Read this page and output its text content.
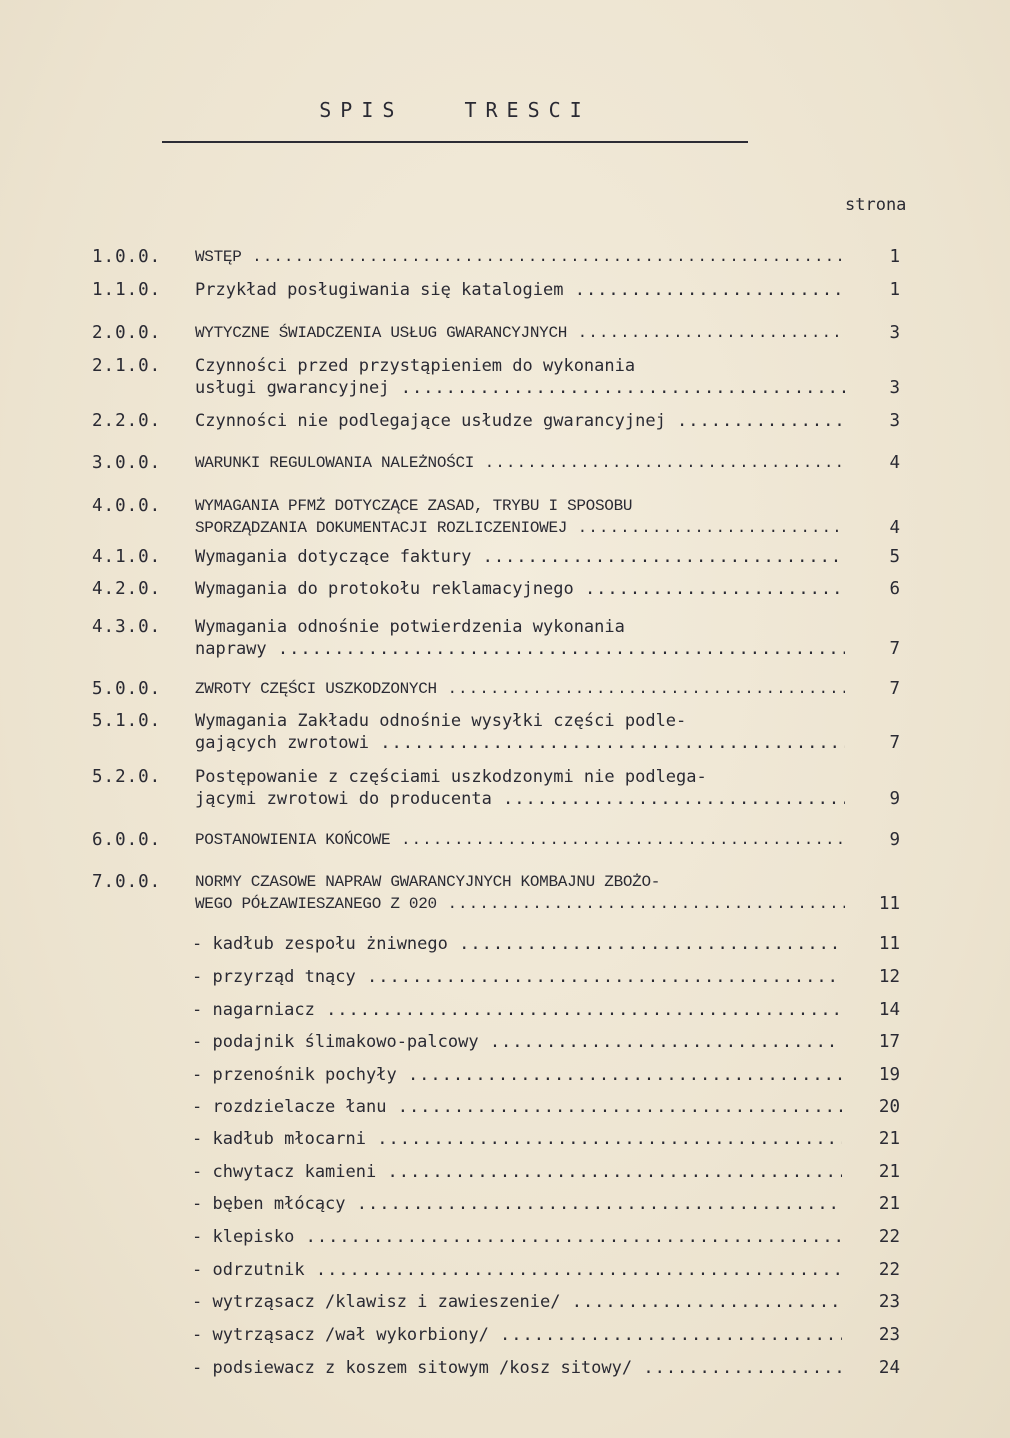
SPIS TRESCI
strona
1.0.0.	WSTĘP .....	1
1.1.0.	Przykład posługiwania się katalogiem .....	1
2.0.0.	WYTYCZNE ŚWIADCZENIA USŁUG GWARANCYJNYCH .....	3
2.1.0.	Czynności przed przystąpieniem do wykonania
usługi gwarancyjnej .....	3
2.2.0.	Czynności nie podlegające usłudze gwarancyjnej .....	3
3.0.0.	WARUNKI REGULOWANIA NALEŻNOŚCI .....	4
4.0.0.	WYMAGANIA PFMŻ DOTYCZĄCE ZASAD, TRYBU I SPOSOBU
SPORZĄDZANIA DOKUMENTACJI ROZLICZENIOWEJ .....	4
4.1.0.	Wymagania dotyczące faktury .....	5
4.2.0.	Wymagania do protokołu reklamacyjnego .....	6
4.3.0.	Wymagania odnośnie potwierdzenia wykonania
naprawy .....	7
5.0.0.	ZWROTY CZĘŚCI USZKODZONYCH .....	7
5.1.0.	Wymagania Zakładu odnośnie wysyłki części podle-
gających zwrotowi .....	7
5.2.0.	Postępowanie z częściami uszkodzonymi nie podlega-
jącymi zwrotowi do producenta .....	9
6.0.0.	POSTANOWIENIA KOŃCOWE .....	9
7.0.0.	NORMY CZASOWE NAPRAW GWARANCYJNYCH KOMBAJNU ZBOŻO-
WEGO PÓŁZAWIESZANEGO Z 020 .....	11
- kadłub zespołu żniwnego .....	11
- przyrząd tnący .....	12
- nagarniacz .....	14
- podajnik ślimakowo-palcowy .....	17
- przenośnik pochyły .....	19
- rozdzielacze łanu .....	20
- kadłub młocarni .....	21
- chwytacz kamieni .....	21
- bęben młócący .....	21
- klepisko .....	22
- odrzutnik .....	22
- wytrząsacz /klawisz i zawieszenie/ .....	23
- wytrząsacz /wał wykorbiony/ .....	23
- podsiewacz z koszem sitowym /kosz sitowy/ .....	24
